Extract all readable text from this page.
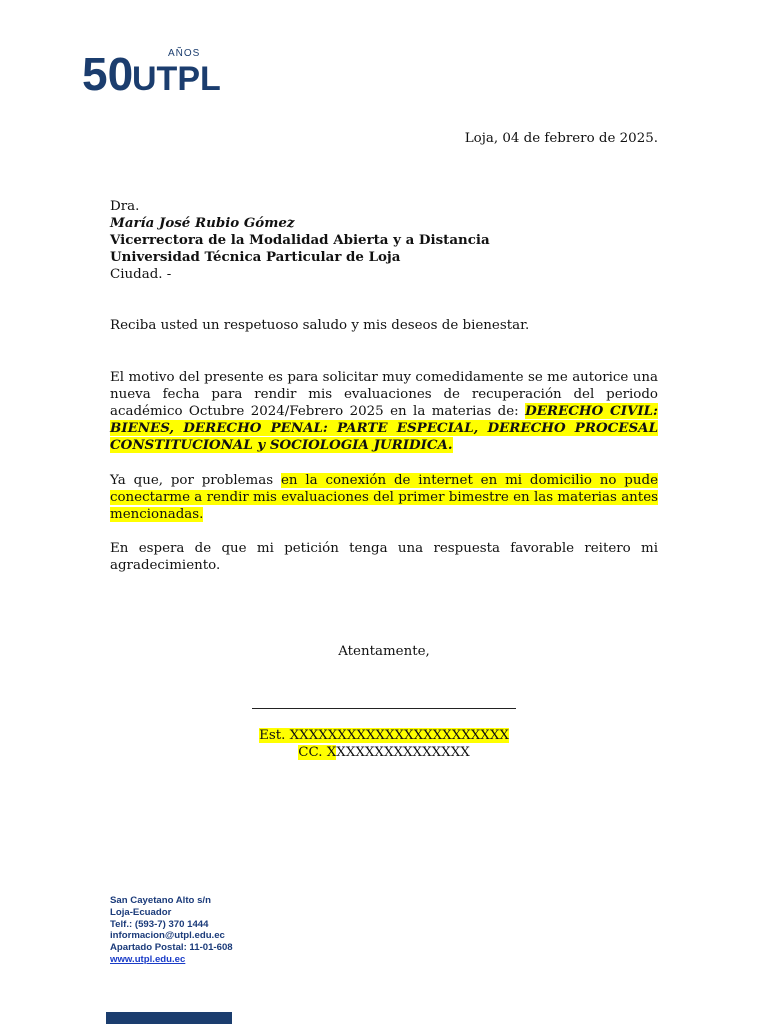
50	AÑOS
UTPL
Loja, 04 de febrero de 2025.
Dra.
María José Rubio Gómez
Vicerrectora de la Modalidad Abierta y a Distancia
Universidad Técnica Particular de Loja
Ciudad. -
Reciba usted un respetuoso saludo y mis deseos de bienestar.
El motivo del presente es para solicitar muy comedidamente se me autorice una nueva fecha para rendir mis evaluaciones de recuperación del periodo académico Octubre 2024/Febrero 2025 en la materias de: DERECHO CIVIL: BIENES, DERECHO PENAL: PARTE ESPECIAL, DERECHO PROCESAL CONSTITUCIONAL y SOCIOLOGIA JURIDICA.
Ya que, por problemas en la conexión de internet en mi domicilio no pude conectarme a rendir mis evaluaciones del primer bimestre en las materias antes mencionadas.
En espera de que mi petición tenga una respuesta favorable reitero mi agradecimiento.
Atentamente,
Est. XXXXXXXXXXXXXXXXXXXXXXX
CC. XXXXXXXXXXXXXXX
San Cayetano Alto s/n
Loja-Ecuador
Telf.: (593-7) 370 1444
informacion@utpl.edu.ec
Apartado Postal: 11-01-608
www.utpl.edu.ec
